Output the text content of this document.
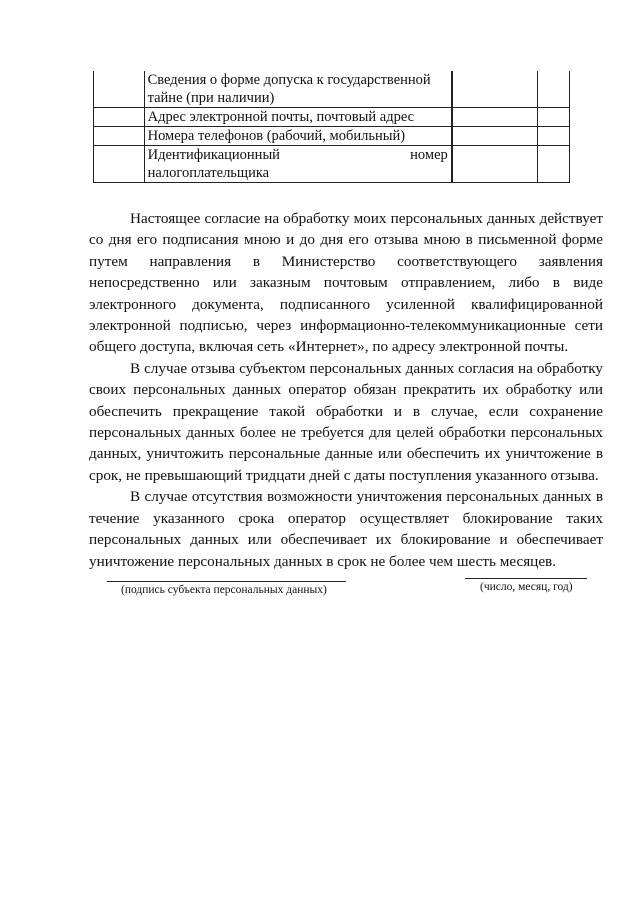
	Сведения о форме допуска к государственной
тайне (при наличии)		

	Адрес электронной почты, почтовый адрес		
	Номера телефонов (рабочий, мобильный)		

	Идентификационный номер
налогоплательщика		

Настоящее согласие на обработку моих персональных данных действует со дня его подписания мною и до дня его отзыва мною в письменной форме путем направления в Министерство соответствующего заявления непосредственно или заказным почтовым отправлением, либо в виде электронного документа, подписанного усиленной квалифицированной электронной подписью, через информационно-телекоммуникационные сети общего доступа, включая сеть «Интернет», по адресу электронной почты.

В случае отзыва субъектом персональных данных согласия на обработку своих персональных данных оператор обязан прекратить их обработку или обеспечить прекращение такой обработки и в случае, если сохранение персональных данных более не требуется для целей обработки персональных данных, уничтожить персональные данные или обеспечить их уничтожение в срок, не превышающий тридцати дней с даты поступления указанного отзыва.

В случае отсутствия возможности уничтожения персональных данных в течение указанного срока оператор осуществляет блокирование таких персональных данных или обеспечивает их блокирование и обеспечивает уничтожение персональных данных в срок не более чем шесть месяцев.

(подпись субъекта персональных данных)	(число, месяц, год)
